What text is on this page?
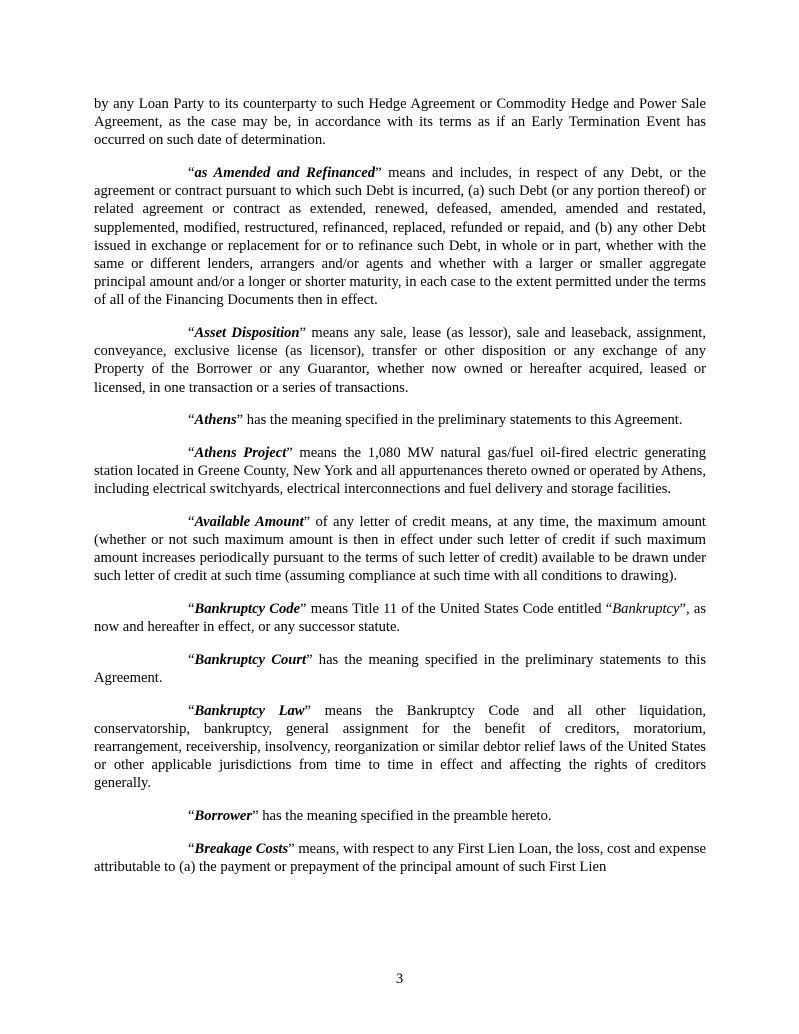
by any Loan Party to its counterparty to such Hedge Agreement or Commodity Hedge and Power Sale Agreement, as the case may be, in accordance with its terms as if an Early Termination Event has occurred on such date of determination.

“as Amended and Refinanced” means and includes, in respect of any Debt, or the agreement or contract pursuant to which such Debt is incurred, (a) such Debt (or any portion thereof) or related agreement or contract as extended, renewed, defeased, amended, amended and restated, supplemented, modified, restructured, refinanced, replaced, refunded or repaid, and (b) any other Debt issued in exchange or replacement for or to refinance such Debt, in whole or in part, whether with the same or different lenders, arrangers and/or agents and whether with a larger or smaller aggregate principal amount and/or a longer or shorter maturity, in each case to the extent permitted under the terms of all of the Financing Documents then in effect.

“Asset Disposition” means any sale, lease (as lessor), sale and leaseback, assignment, conveyance, exclusive license (as licensor), transfer or other disposition or any exchange of any Property of the Borrower or any Guarantor, whether now owned or hereafter acquired, leased or licensed, in one transaction or a series of transactions.

“Athens” has the meaning specified in the preliminary statements to this Agreement.

“Athens Project” means the 1,080 MW natural gas/fuel oil-fired electric generating station located in Greene County, New York and all appurtenances thereto owned or operated by Athens, including electrical switchyards, electrical interconnections and fuel delivery and storage facilities.

“Available Amount” of any letter of credit means, at any time, the maximum amount (whether or not such maximum amount is then in effect under such letter of credit if such maximum amount increases periodically pursuant to the terms of such letter of credit) available to be drawn under such letter of credit at such time (assuming compliance at such time with all conditions to drawing).

“Bankruptcy Code” means Title 11 of the United States Code entitled “Bankruptcy”, as now and hereafter in effect, or any successor statute.

“Bankruptcy Court” has the meaning specified in the preliminary statements to this Agreement.

“Bankruptcy Law” means the Bankruptcy Code and all other liquidation, conservatorship, bankruptcy, general assignment for the benefit of creditors, moratorium, rearrangement, receivership, insolvency, reorganization or similar debtor relief laws of the United States or other applicable jurisdictions from time to time in effect and affecting the rights of creditors generally.

“Borrower” has the meaning specified in the preamble hereto.

“Breakage Costs” means, with respect to any First Lien Loan, the loss, cost and expense attributable to (a) the payment or prepayment of the principal amount of such First Lien

3
